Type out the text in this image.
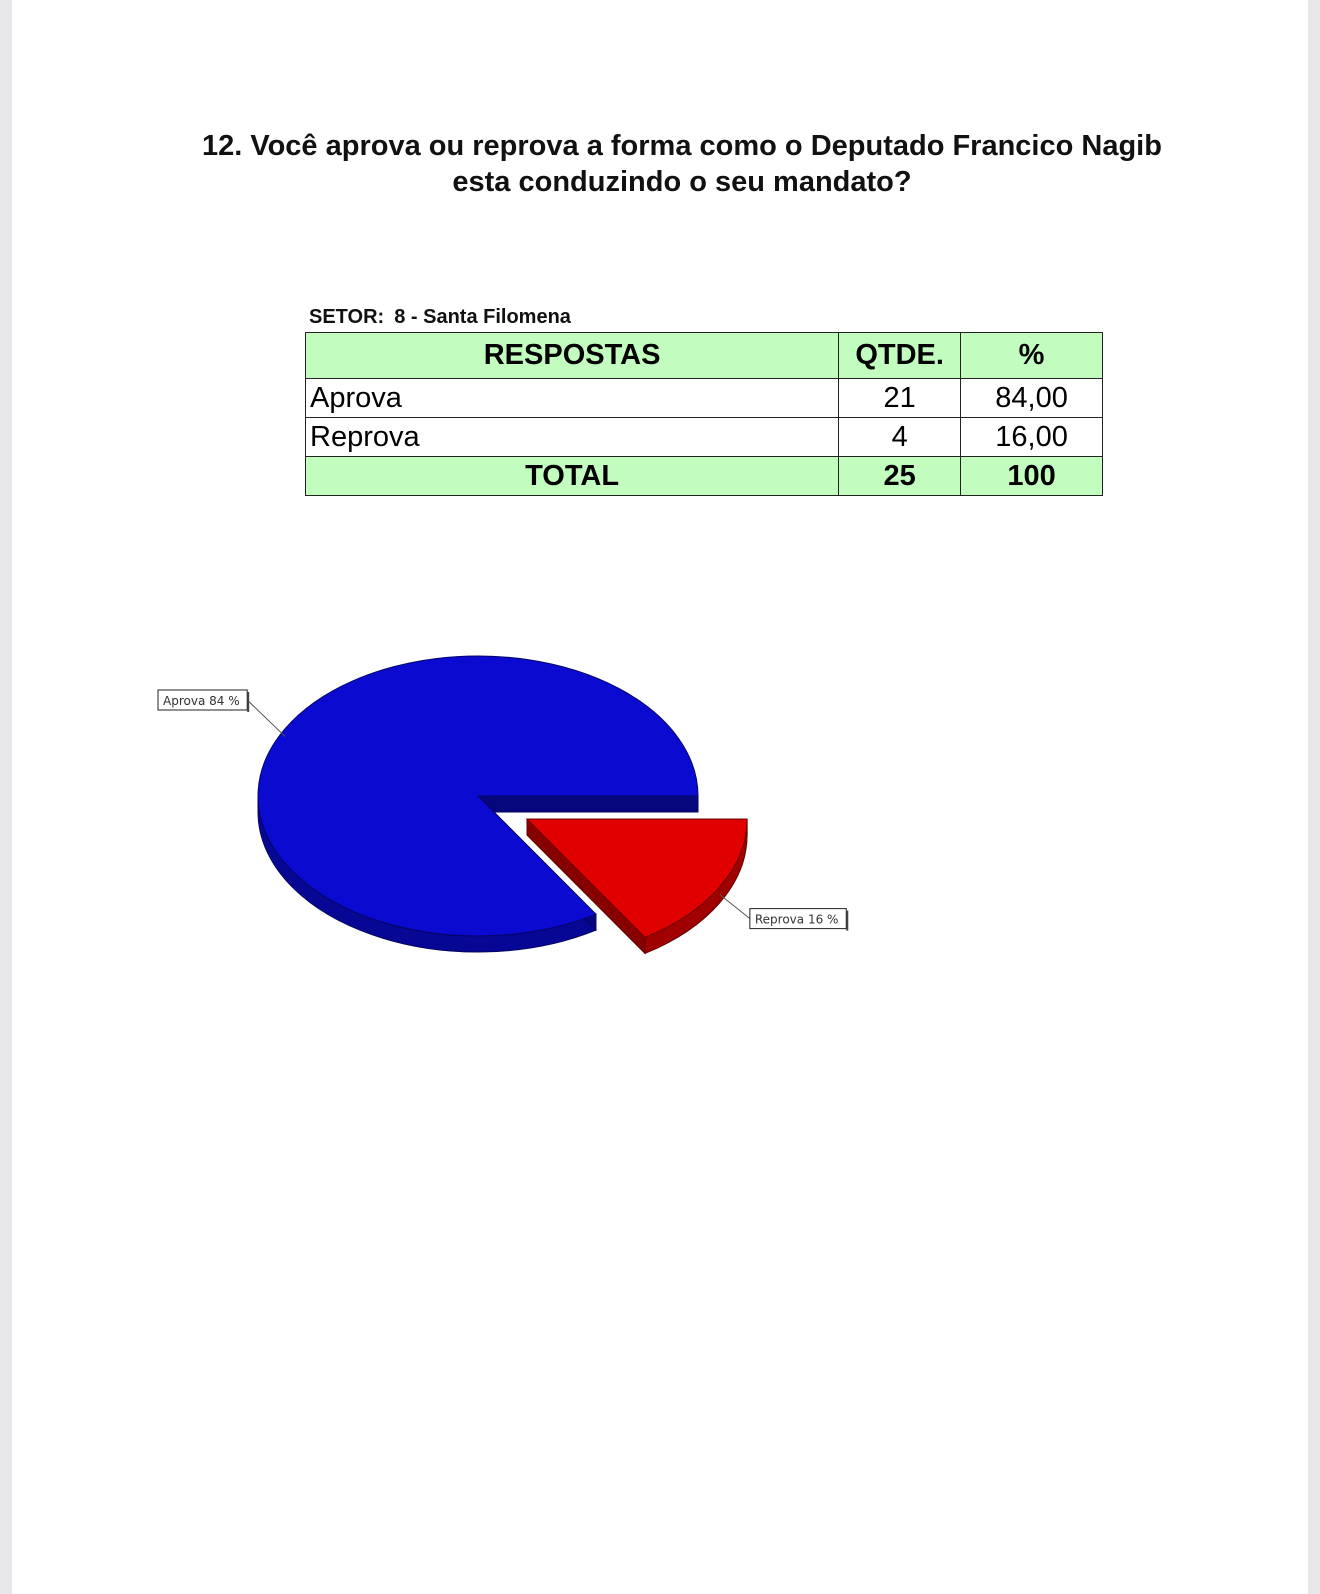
12. Você aprova ou reprova a forma como o Deputado Francico Nagib
esta conduzindo o seu mandato?
SETOR: 8 - Santa Filomena
RESPOSTAS	QTDE.	%
Aprova	21	84,00
Reprova	4	16,00
TOTAL	25	100
Reprova 16 %
Aprova 84 %
